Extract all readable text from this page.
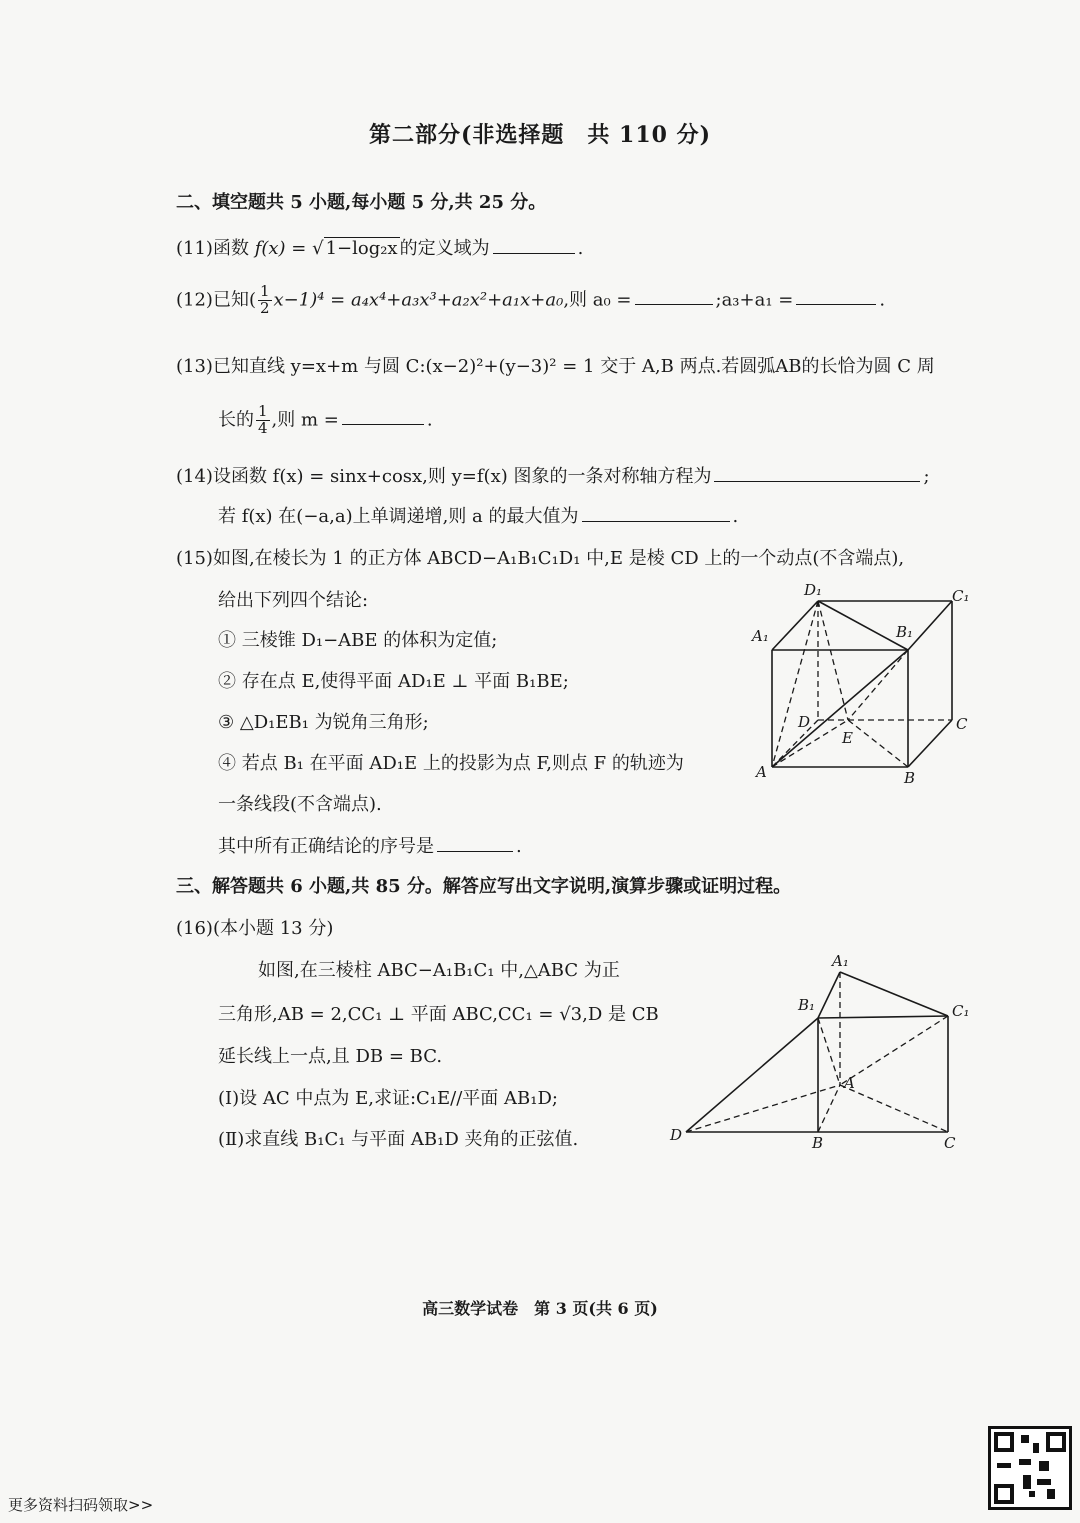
第二部分(非选择题　共 110 分)
二、填空题共 5 小题,每小题 5 分,共 25 分。
(11)函数 f(x) = √ 1−log₂x 的定义域为	.
(12)已知( $\frac{1}{2} x-1)^4 = a_4x^4+a_3x^3+a_2x^2+a_1x+a_0$,则 a₀ =	;a₃+a₁ =	.
(13)已知直线 y=x+m 与圆 C:(x−2)²+(y−3)² = 1 交于 A,B 两点.若圆弧AB的长恰为圆 C 周
长的 $\frac{1}{4}$ ,则 m =	.
(14)设函数 f(x) = sinx+cosx,则 y=f(x) 图象的一条对称轴方程为	;
若 f(x) 在(−a,a)上单调递增,则 a 的最大值为	.
(15)如图,在棱长为 1 的正方体 ABCD−A₁B₁C₁D₁ 中,E 是棱 CD 上的一个动点(不含端点),
给出下列四个结论:
① 三棱锥 D₁−ABE 的体积为定值;
② 存在点 E,使得平面 AD₁E ⊥ 平面 B₁BE;
③ △D₁EB₁ 为锐角三角形;
④ 若点 B₁ 在平面 AD₁E 上的投影为点 F,则点 F 的轨迹为
一条线段(不含端点).
其中所有正确结论的序号是	.
D₁	C₁
A₁	B₁
D	C
E
A	B
三、解答题共 6 小题,共 85 分。解答应写出文字说明,演算步骤或证明过程。
(16)(本小题 13 分)
如图,在三棱柱 ABC−A₁B₁C₁ 中,△ABC 为正
三角形,AB = 2,CC₁ ⊥ 平面 ABC,CC₁ = √3,D 是 CB
延长线上一点,且 DB = BC.
(Ⅰ)设 AC 中点为 E,求证:C₁E//平面 AB₁D;
(Ⅱ)求直线 B₁C₁ 与平面 AB₁D 夹角的正弦值.
A₁
B₁	C₁
A
B	C
D
高三数学试卷　第 3 页(共 6 页)
更多资料扫码领取>>
